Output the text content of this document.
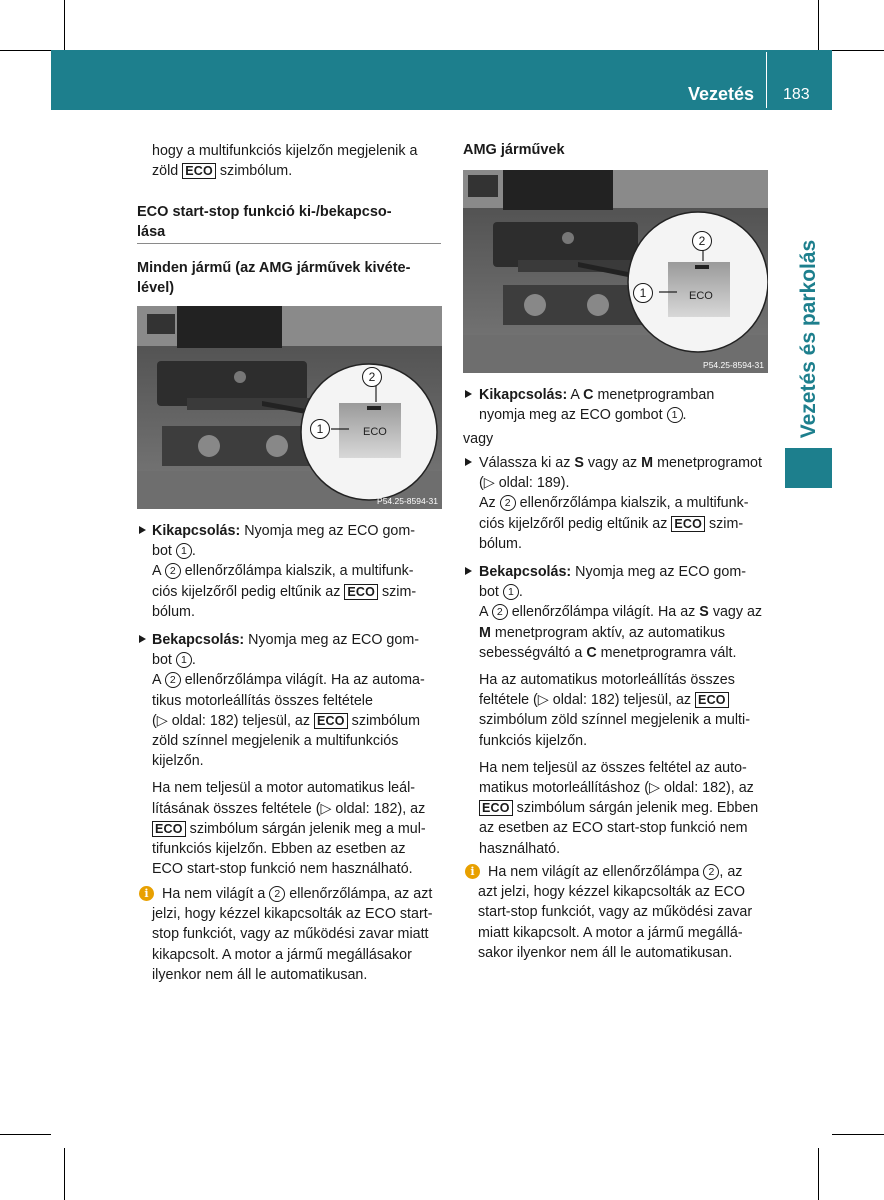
Vezetés 183
Vezetés és parkolás
hogy a multifunkciós kijelzőn megjelenik a
zöld ECO szimbólum.
ECO start-stop funkció ki-/bekapcso-
lása
Minden jármű (az AMG járművek kivéte-
lével)
2
1	ECO
P54.25-8594-31
Kikapcsolás: Nyomja meg az ECO gom-
bot 1 .
A 2 ellenőrzőlámpa kialszik, a multifunk-
ciós kijelzőről pedig eltűnik az ECO szim-
bólum.
Bekapcsolás: Nyomja meg az ECO gom-
bot 1 .
A 2 ellenőrzőlámpa világít. Ha az automa-
tikus motorleállítás összes feltétele
(▷ oldal: 182) teljesül, az ECO szimbólum
zöld színnel megjelenik a multifunkciós
kijelzőn.
Ha nem teljesül a motor automatikus leál-
lításának összes feltétele (▷ oldal: 182), az
ECO szimbólum sárgán jelenik meg a mul-
tifunkciós kijelzőn. Ebben az esetben az
ECO start-stop funkció nem használható.
i Ha nem világít a 2 ellenőrzőlámpa, az azt
jelzi, hogy kézzel kikapcsolták az ECO start-
stop funkciót, vagy az működési zavar miatt
kikapcsolt. A motor a jármű megállásakor
ilyenkor nem áll le automatikusan.
AMG járművek
2
1	ECO
P54.25-8594-31
Kikapcsolás: A C menetprogramban
nyomja meg az ECO gombot 1 .
vagy
Válassza ki az S vagy az M menetprogramot
(▷ oldal: 189).
Az 2 ellenőrzőlámpa kialszik, a multifunk-
ciós kijelzőről pedig eltűnik az ECO szim-
bólum.
Bekapcsolás: Nyomja meg az ECO gom-
bot 1 .
A 2 ellenőrzőlámpa világít. Ha az S vagy az
M menetprogram aktív, az automatikus
sebességváltó a C menetprogramra vált.
Ha az automatikus motorleállítás összes
feltétele (▷ oldal: 182) teljesül, az ECO
szimbólum zöld színnel megjelenik a multi-
funkciós kijelzőn.
Ha nem teljesül az összes feltétel az auto-
matikus motorleállításhoz (▷ oldal: 182), az
ECO szimbólum sárgán jelenik meg. Ebben
az esetben az ECO start-stop funkció nem
használható.
i Ha nem világít az ellenőrzőlámpa 2 , az
azt jelzi, hogy kézzel kikapcsolták az ECO
start-stop funkciót, vagy az működési zavar
miatt kikapcsolt. A motor a jármű megállá-
sakor ilyenkor nem áll le automatikusan.
